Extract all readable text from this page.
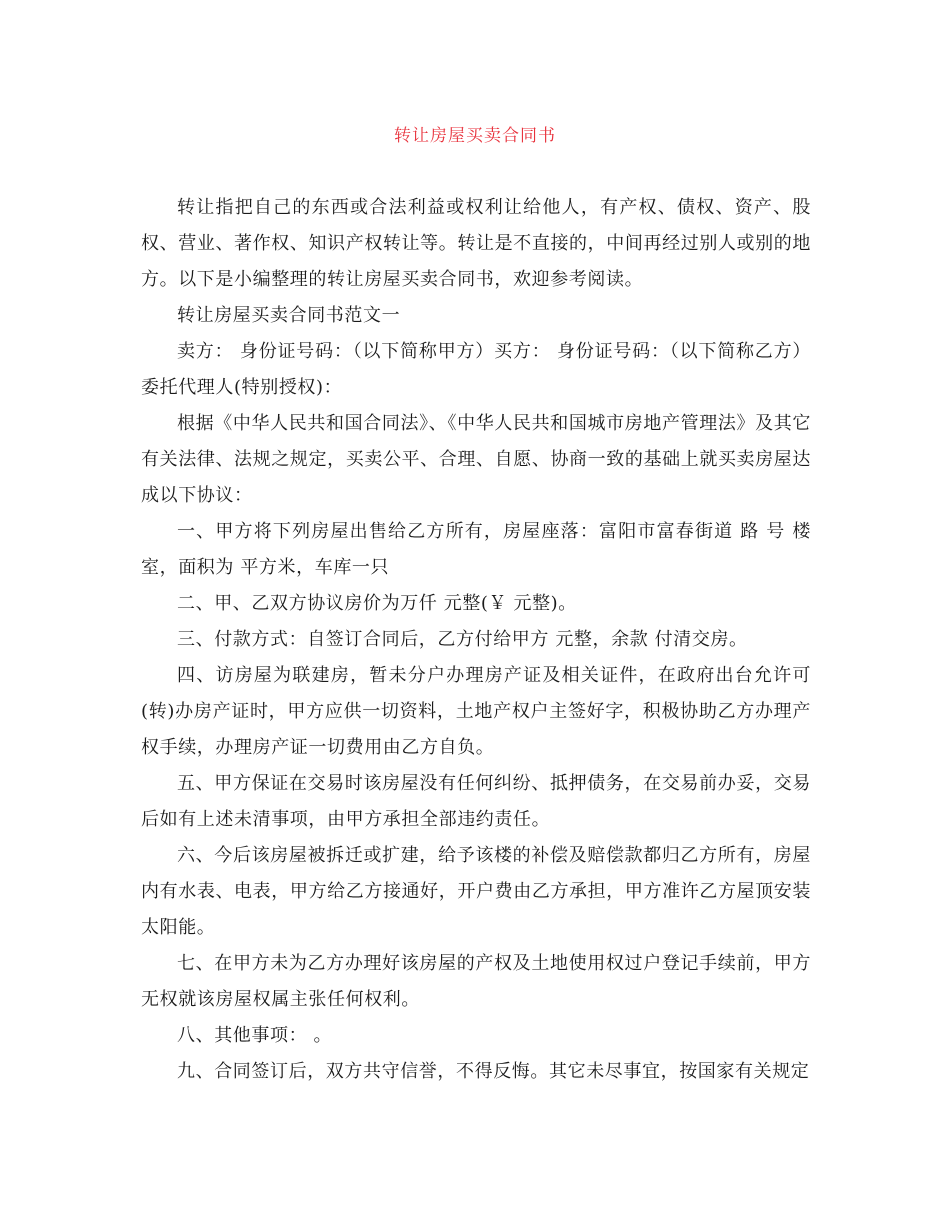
转让房屋买卖合同书

转让指把自己的东西或合法利益或权利让给他人，有产权、债权、资产、股权、营业、著作权、知识产权转让等。转让是不直接的，中间再经过别人或别的地方。以下是小编整理的转让房屋买卖合同书，欢迎参考阅读。

转让房屋买卖合同书范文一

卖方： 身份证号码：（以下简称甲方）买方： 身份证号码：（以下简称乙方）委托代理人(特别授权)：

根据《中华人民共和国合同法》、《中华人民共和国城市房地产管理法》及其它有关法律、法规之规定，买卖公平、合理、自愿、协商一致的基础上就买卖房屋达成以下协议：

一、甲方将下列房屋出售给乙方所有，房屋座落：富阳市富春街道 路 号 楼 室，面积为 平方米，车库一只

二、甲、乙双方协议房价为万仟 元整(￥ 元整)。

三、付款方式：自签订合同后，乙方付给甲方 元整，余款 付清交房。

四、访房屋为联建房，暂未分户办理房产证及相关证件，在政府出台允许可(转)办房产证时，甲方应供一切资料，土地产权户主签好字，积极协助乙方办理产权手续，办理房产证一切费用由乙方自负。

五、甲方保证在交易时该房屋没有任何纠纷、抵押债务，在交易前办妥，交易后如有上述未清事项，由甲方承担全部违约责任。

六、今后该房屋被拆迁或扩建，给予该楼的补偿及赔偿款都归乙方所有，房屋内有水表、电表，甲方给乙方接通好，开户费由乙方承担，甲方准许乙方屋顶安装太阳能。

七、在甲方未为乙方办理好该房屋的产权及土地使用权过户登记手续前，甲方无权就该房屋权属主张任何权利。

八、其他事项： 。

九、合同签订后，双方共守信誉，不得反悔。其它未尽事宜，按国家有关规定
